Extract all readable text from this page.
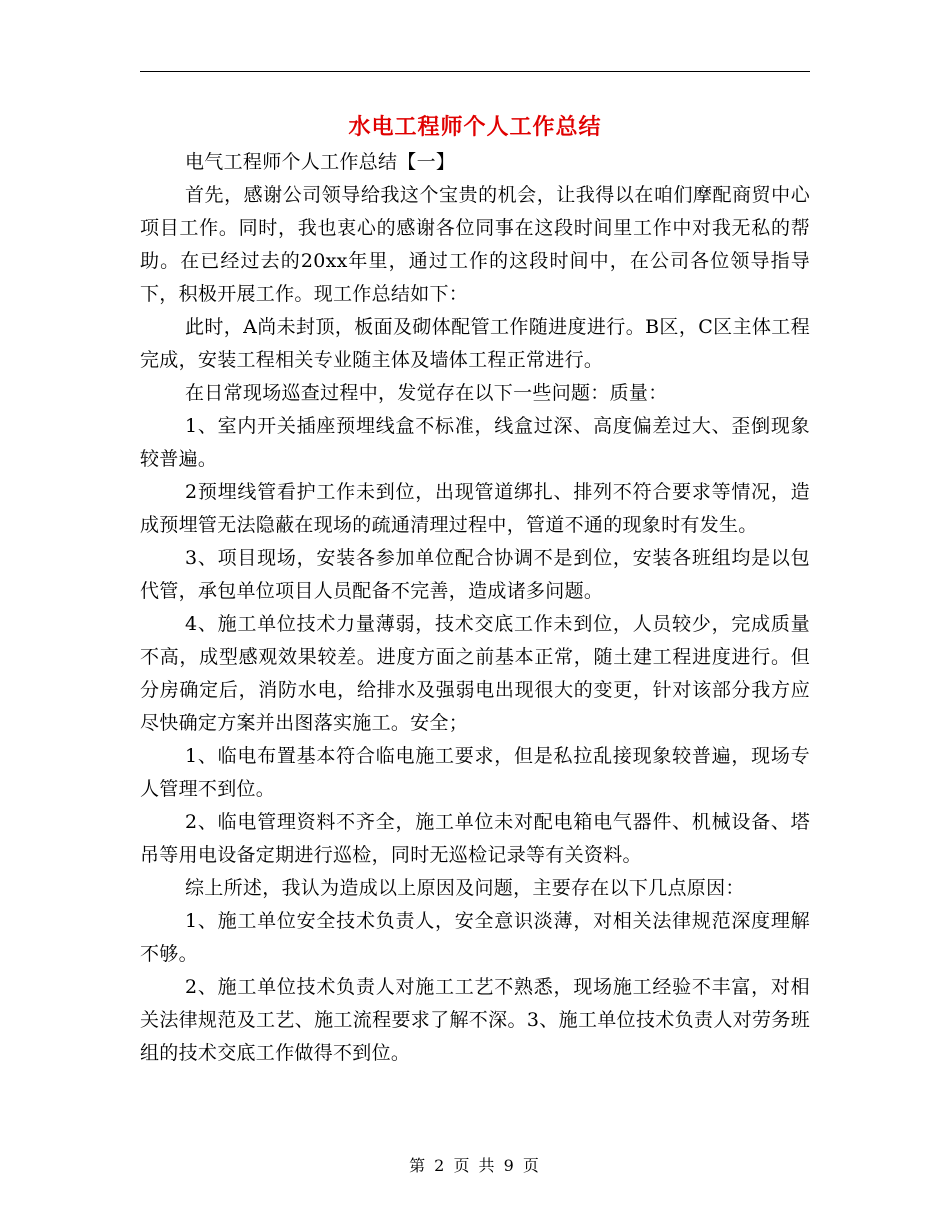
水电工程师个人工作总结

电气工程师个人工作总结【一】

首先，感谢公司领导给我这个宝贵的机会，让我得以在咱们摩配商贸中心项目工作。同时，我也衷心的感谢各位同事在这段时间里工作中对我无私的帮助。在已经过去的20xx年里，通过工作的这段时间中，在公司各位领导指导下，积极开展工作。现工作总结如下：

此时，A尚未封顶，板面及砌体配管工作随进度进行。B区，C区主体工程完成，安装工程相关专业随主体及墙体工程正常进行。

在日常现场巡查过程中，发觉存在以下一些问题：质量：

1、室内开关插座预埋线盒不标准，线盒过深、高度偏差过大、歪倒现象较普遍。

2预埋线管看护工作未到位，出现管道绑扎、排列不符合要求等情况，造成预埋管无法隐蔽在现场的疏通清理过程中，管道不通的现象时有发生。

3、项目现场，安装各参加单位配合协调不是到位，安装各班组均是以包代管，承包单位项目人员配备不完善，造成诸多问题。

4、施工单位技术力量薄弱，技术交底工作未到位，人员较少，完成质量不高，成型感观效果较差。进度方面之前基本正常，随土建工程进度进行。但分房确定后，消防水电，给排水及强弱电出现很大的变更，针对该部分我方应尽快确定方案并出图落实施工。安全；

1、临电布置基本符合临电施工要求，但是私拉乱接现象较普遍，现场专人管理不到位。

2、临电管理资料不齐全，施工单位未对配电箱电气器件、机械设备、塔吊等用电设备定期进行巡检，同时无巡检记录等有关资料。

综上所述，我认为造成以上原因及问题，主要存在以下几点原因：

1、施工单位安全技术负责人，安全意识淡薄，对相关法律规范深度理解不够。

2、施工单位技术负责人对施工工艺不熟悉，现场施工经验不丰富，对相关法律规范及工艺、施工流程要求了解不深。3、施工单位技术负责人对劳务班组的技术交底工作做得不到位。

第 2 页 共 9 页
